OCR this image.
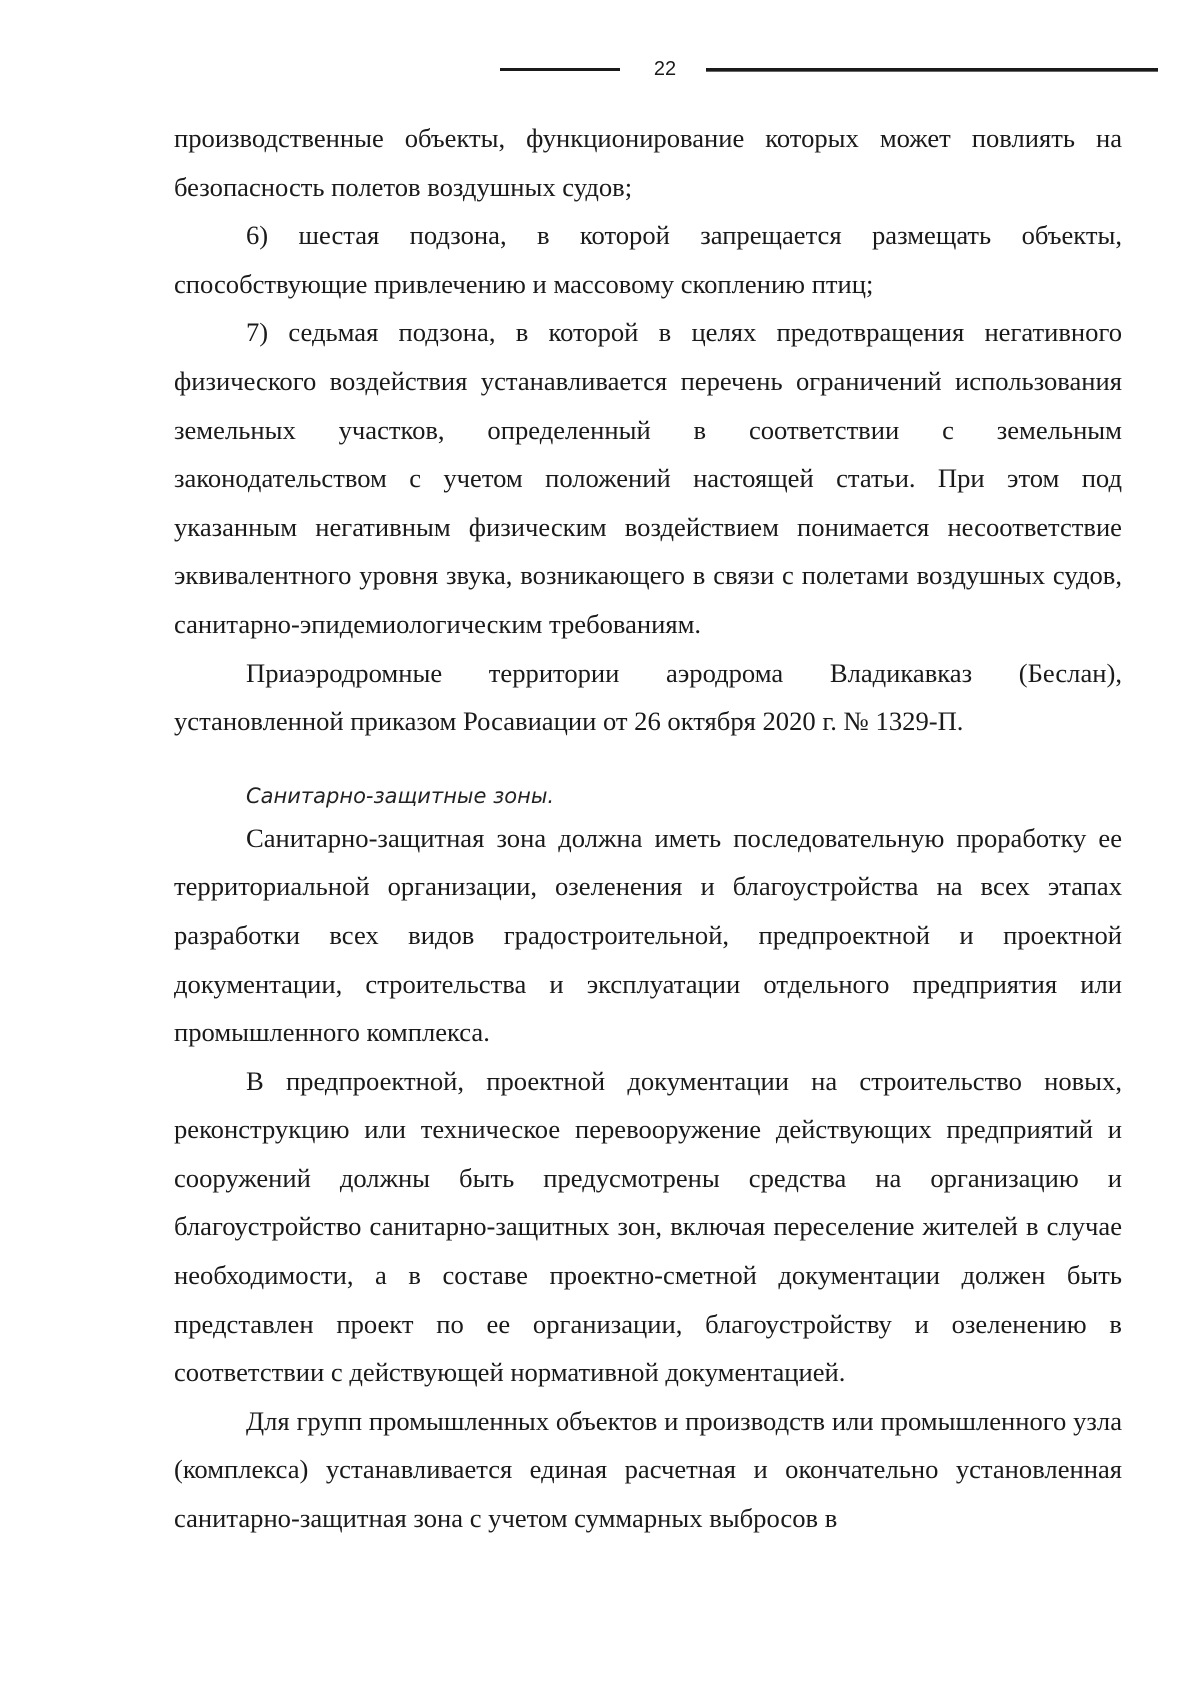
22

производственные объекты, функционирование которых может повлиять на безопасность полетов воздушных судов;

6) шестая подзона, в которой запрещается размещать объекты, способствующие привлечению и массовому скоплению птиц;

7) седьмая подзона, в которой в целях предотвращения негативного физического воздействия устанавливается перечень ограничений использования земельных участков, определенный в соответствии с земельным законодательством с учетом положений настоящей статьи. При этом под указанным негативным физическим воздействием понимается несоответствие эквивалентного уровня звука, возникающего в связи с полетами воздушных судов, санитарно-эпидемиологическим требованиям.

Приаэродромные территории аэродрома Владикавказ (Беслан), установленной приказом Росавиации от 26 октября 2020 г. № 1329-П.

Санитарно-защитные зоны.

Санитарно-защитная зона должна иметь последовательную проработку ее территориальной организации, озеленения и благоустройства на всех этапах разработки всех видов градостроительной, предпроектной и проектной документации, строительства и эксплуатации отдельного предприятия или промышленного комплекса.

В предпроектной, проектной документации на строительство новых, реконструкцию или техническое перевооружение действующих предприятий и сооружений должны быть предусмотрены средства на организацию и благоустройство санитарно-защитных зон, включая переселение жителей в случае необходимости, а в составе проектно-сметной документации должен быть представлен проект по ее организации, благоустройству и озеленению в соответствии с действующей нормативной документацией.

Для групп промышленных объектов и производств или промышленного узла (комплекса) устанавливается единая расчетная и окончательно установленная санитарно-защитная зона с учетом суммарных выбросов в
